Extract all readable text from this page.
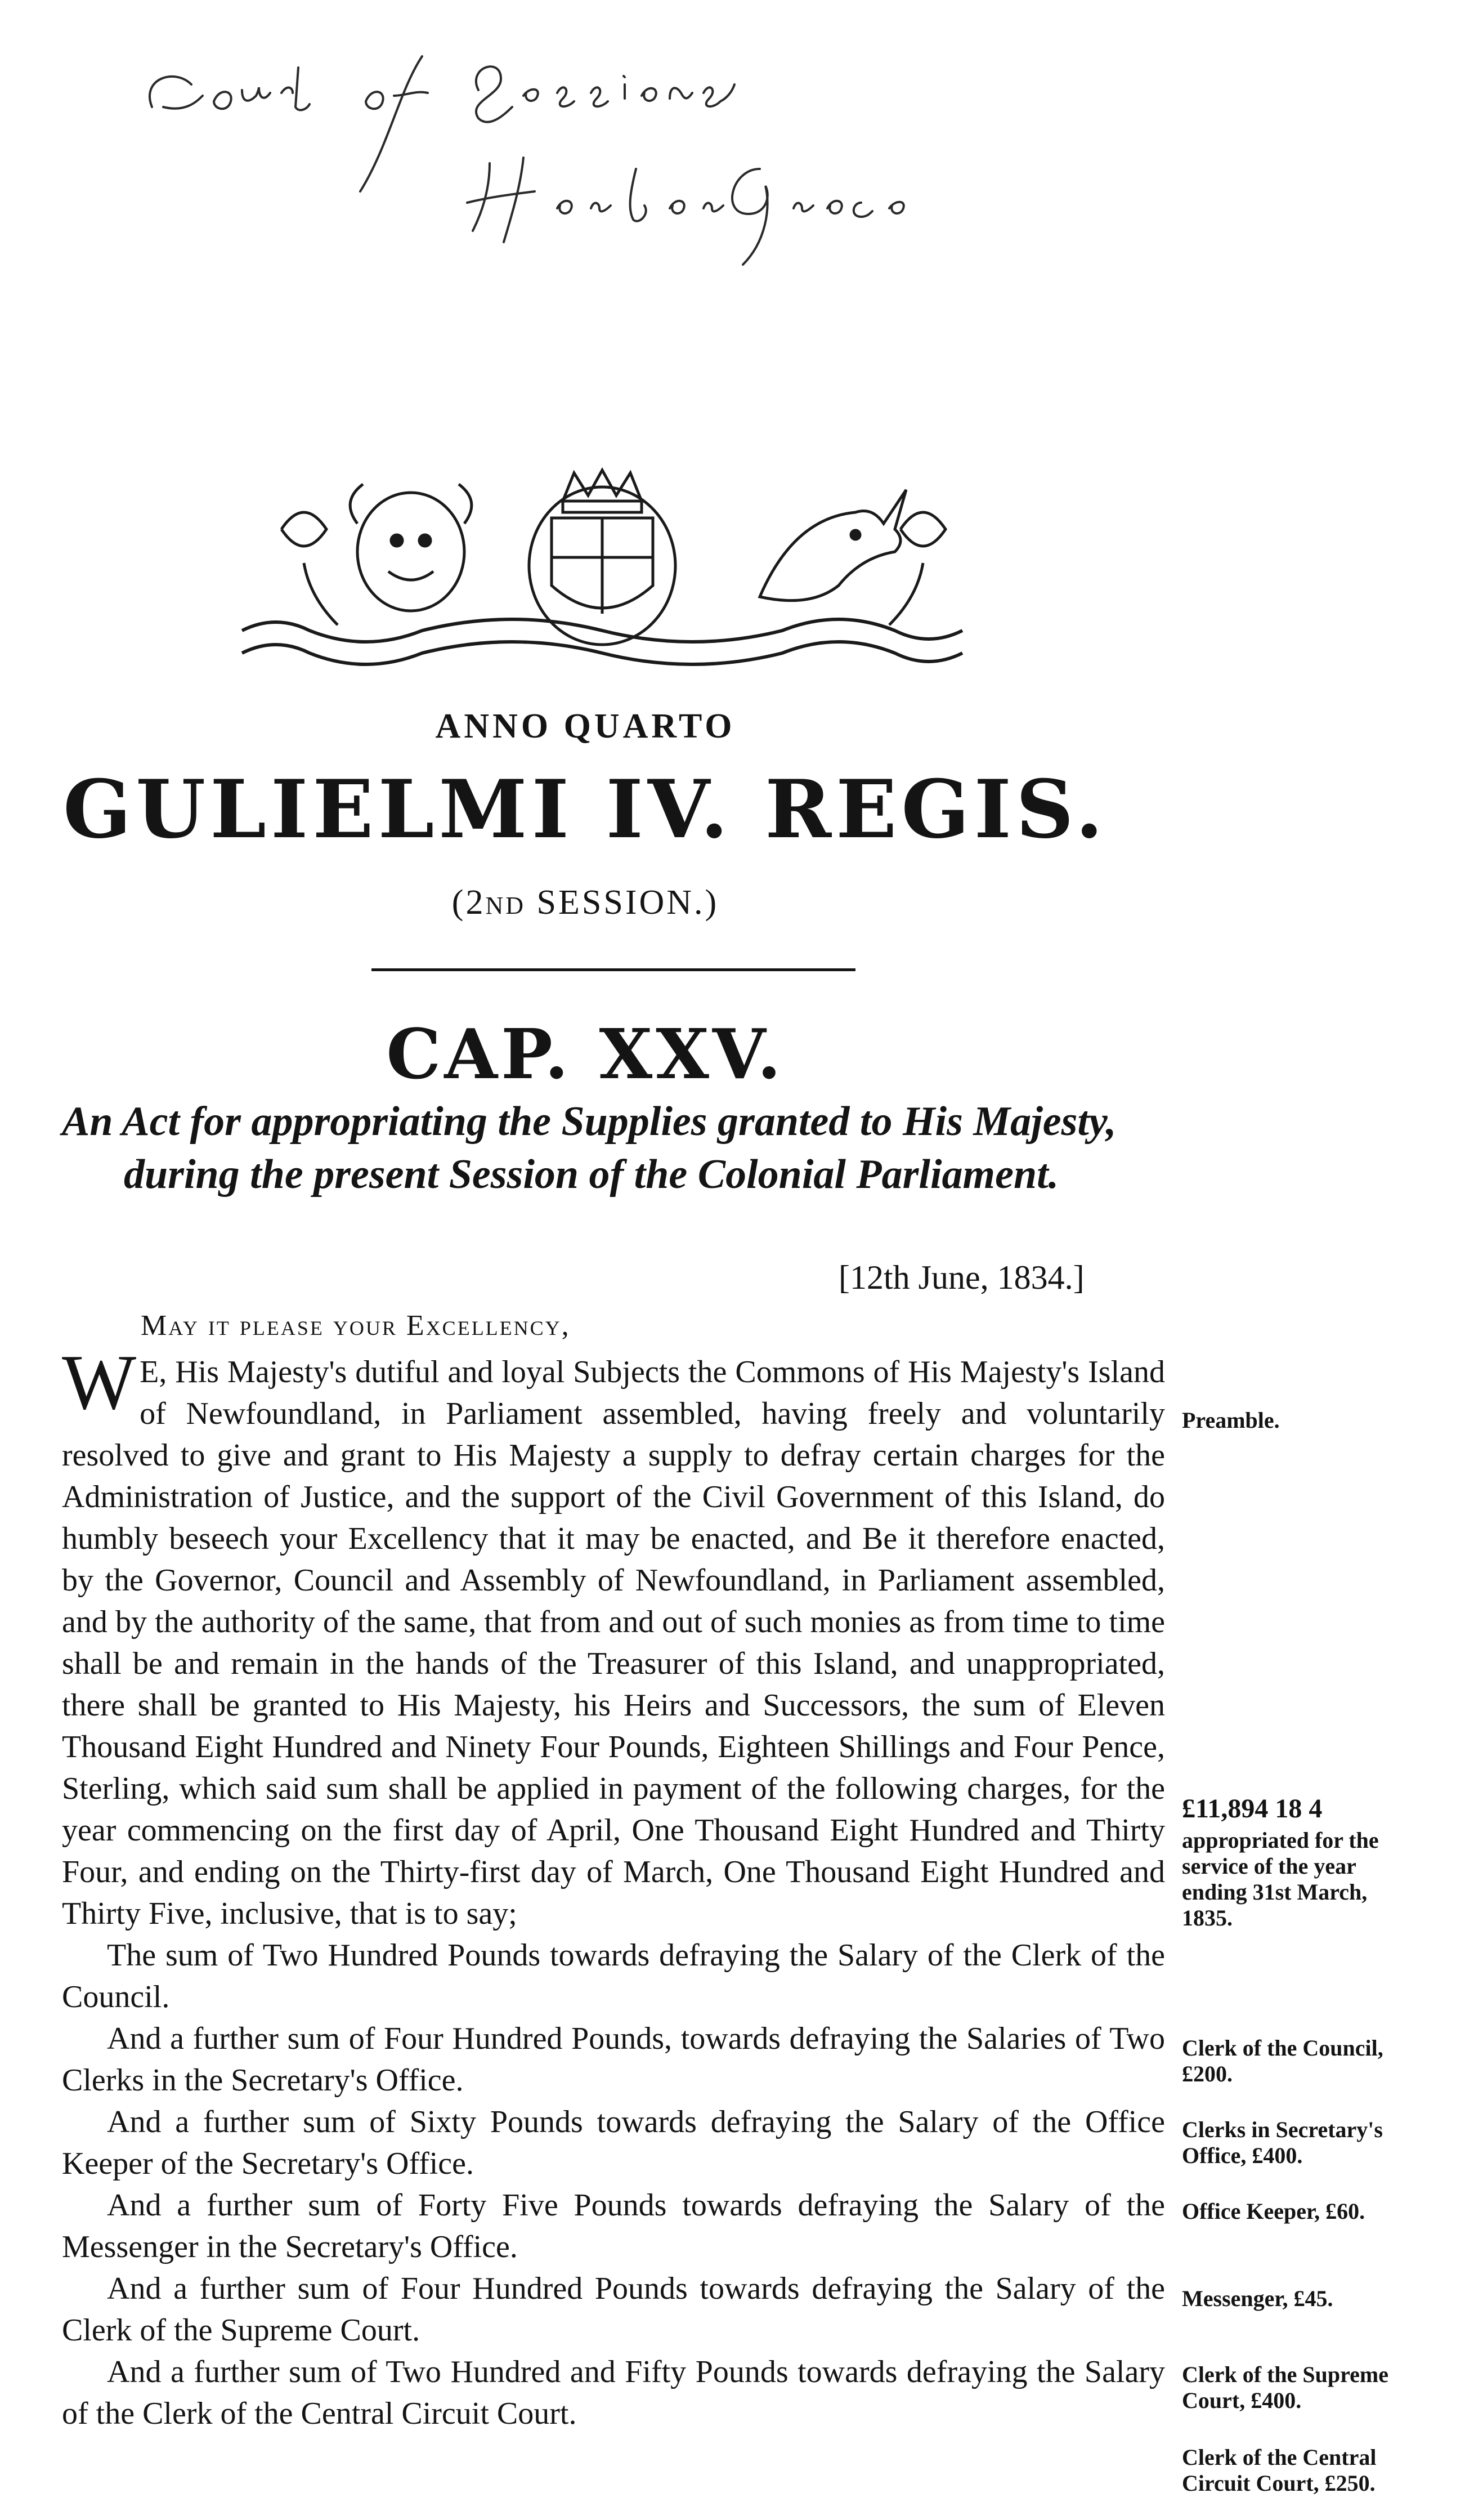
ANNO QUARTO
GULIELMI IV. REGIS.
(2ND SESSION.)
CAP. XXV.
An Act for appropriating the Supplies granted to His Majesty, during the present Session of the Colonial Parliament.
[12th June, 1834.]
May it please your Excellency,

WE, His Majesty's dutiful and loyal Subjects the Commons of His Majesty's Island of Newfoundland, in Parliament assembled, having freely and voluntarily resolved to give and grant to His Majesty a supply to defray certain charges for the Administration of Justice, and the support of the Civil Government of this Island, do humbly beseech your Excellency that it may be enacted, and Be it therefore enacted, by the Governor, Council and Assembly of Newfoundland, in Parliament assembled, and by the authority of the same, that from and out of such monies as from time to time shall be and remain in the hands of the Treasurer of this Island, and unappropriated, there shall be granted to His Majesty, his Heirs and Successors, the sum of Eleven Thousand Eight Hundred and Ninety Four Pounds, Eighteen Shillings and Four Pence, Sterling, which said sum shall be applied in payment of the following charges, for the year commencing on the first day of April, One Thousand Eight Hundred and Thirty Four, and ending on the Thirty-first day of March, One Thousand Eight Hundred and Thirty Five, inclusive, that is to say;

The sum of Two Hundred Pounds towards defraying the Salary of the Clerk of the Council.

And a further sum of Four Hundred Pounds, towards defraying the Salaries of Two Clerks in the Secretary's Office.

And a further sum of Sixty Pounds towards defraying the Salary of the Office Keeper of the Secretary's Office.

And a further sum of Forty Five Pounds towards defraying the Salary of the Messenger in the Secretary's Office.

And a further sum of Four Hundred Pounds towards defraying the Salary of the Clerk of the Supreme Court.

And a further sum of Two Hundred and Fifty Pounds towards defraying the Salary of the Clerk of the Central Circuit Court.

Preamble.
£11,894 18 4
appropriated for the service of the year ending 31st March, 1835.
Clerk of the Council, £200.
Clerks in Secretary's Office, £400.
Office Keeper, £60.
Messenger, £45.
Clerk of the Supreme Court, £400.
Clerk of the Central Circuit Court, £250.
